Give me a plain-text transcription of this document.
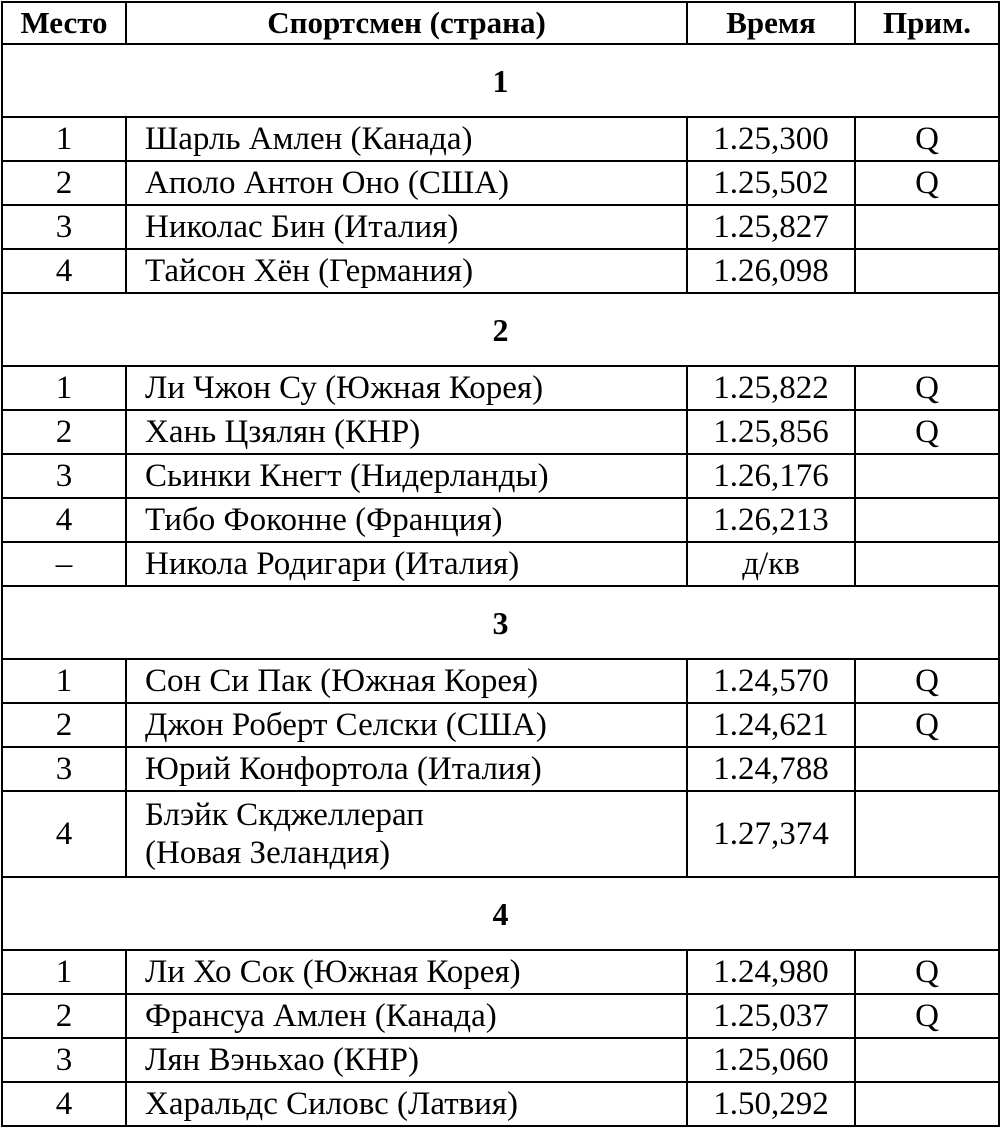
Место	Спортсмен (страна)	Время	Прим.
1			
1	Шарль Амлен (Канада)	1.25,300	Q
2	Аполо Антон Оно (США)	1.25,502	Q
3	Николас Бин (Италия)	1.25,827	
4	Тайсон Хён (Германия)	1.26,098	
2			
1	Ли Чжон Су (Южная Корея)	1.25,822	Q
2	Хань Цзялян (КНР)	1.25,856	Q
3	Сьинки Кнегт (Нидерланды)	1.26,176	
4	Тибо Фоконне (Франция)	1.26,213	
–	Никола Родигари (Италия)	д/кв	
3			
1	Сон Си Пак (Южная Корея)	1.24,570	Q
2	Джон Роберт Селски (США)	1.24,621	Q
3	Юрий Конфортола (Италия)	1.24,788	
4	Блэйк Скджеллерап
(Новая Зеландия)	1.27,374	
4			
1	Ли Хо Сок (Южная Корея)	1.24,980	Q
2	Франсуа Амлен (Канада)	1.25,037	Q
3	Лян Вэньхао (КНР)	1.25,060	
4	Харальдс Силовс (Латвия)	1.50,292	
